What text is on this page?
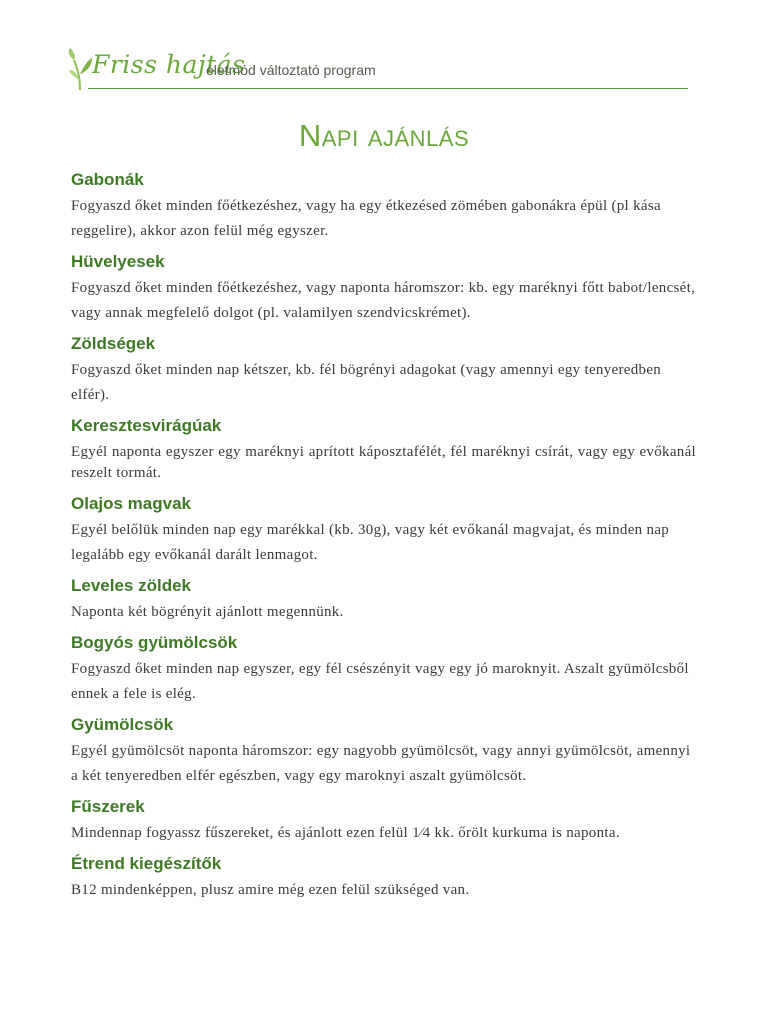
Friss hajtás
életmód változtató program
Napi ajánlás
Gabonák

Fogyaszd őket minden főétkezéshez, vagy ha egy étkezésed zömében gabonákra épül (pl kása reggelire), akkor azon felül még egyszer.

Hüvelyesek

Fogyaszd őket minden főétkezéshez, vagy naponta háromszor: kb. egy maréknyi főtt babot/lencsét, vagy annak megfelelő dolgot (pl. valamilyen szendvicskrémet).

Zöldségek

Fogyaszd őket minden nap kétszer, kb. fél bögrényi adagokat (vagy amennyi egy tenyeredben elfér).

Keresztesvirágúak

Egyél naponta egyszer egy maréknyi aprított káposztafélét, fél maréknyi csírát, vagy egy evőkanál reszelt tormát.

Olajos magvak

Egyél belőlük minden nap egy marékkal (kb. 30g), vagy két evőkanál magvajat, és minden nap legalább egy evőkanál darált lenmagot.

Leveles zöldek

Naponta két bögrényit ajánlott megennünk.

Bogyós gyümölcsök

Fogyaszd őket minden nap egyszer, egy fél csészényit vagy egy jó maroknyit. Aszalt gyümölcsből ennek a fele is elég.

Gyümölcsök

Egyél gyümölcsöt naponta háromszor: egy nagyobb gyümölcsöt, vagy annyi gyümölcsöt, amennyi a két tenyeredben elfér egészben, vagy egy maroknyi aszalt gyümölcsöt.

Fűszerek

Mindennap fogyassz fűszereket, és ajánlott ezen felül 1⁄4 kk. őrölt kurkuma is naponta.

Étrend kiegészítők

B12 mindenképpen, plusz amire még ezen felül szükséged van.
